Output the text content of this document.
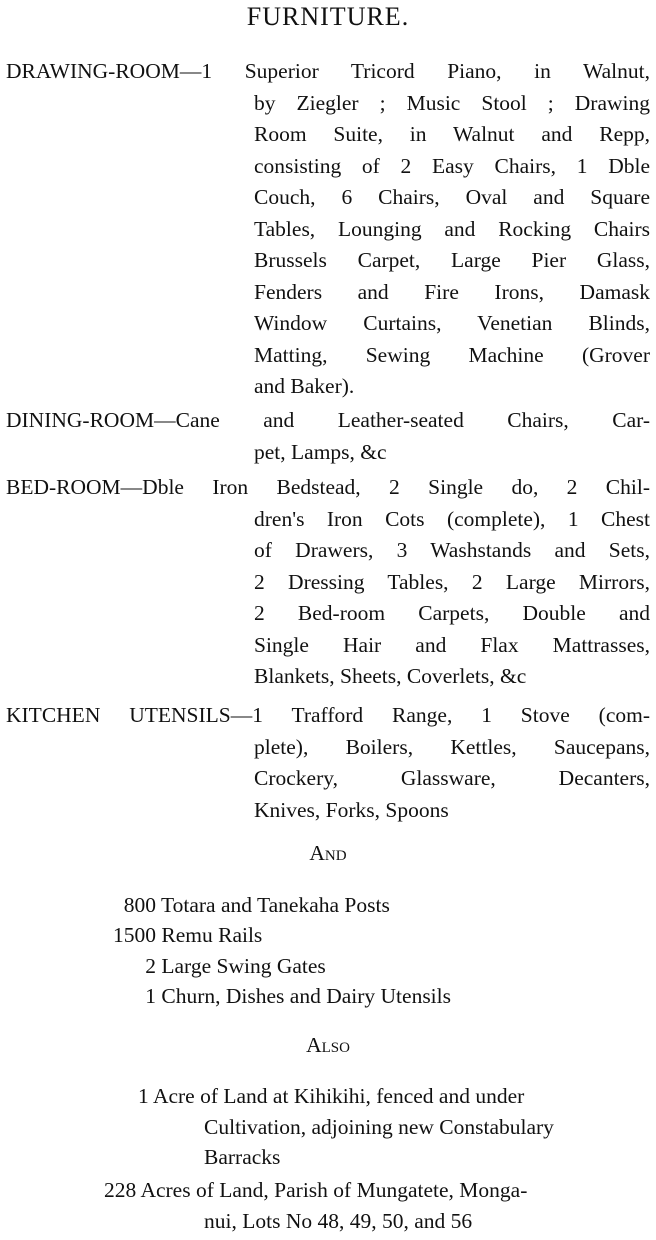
FURNITURE.
DRAWING-ROOM—1 Superior Tricord Piano, in Walnut,
by Ziegler ; Music Stool ; Drawing
Room Suite, in Walnut and Repp,
consisting of 2 Easy Chairs, 1 Dble
Couch, 6 Chairs, Oval and Square
Tables, Lounging and Rocking Chairs
Brussels Carpet, Large Pier Glass,
Fenders and Fire Irons, Damask
Window Curtains, Venetian Blinds,
Matting, Sewing Machine (Grover
and Baker).
DINING-ROOM—Cane and Leather-seated Chairs, Car-
pet, Lamps, &c
BED-ROOM—Dble Iron Bedstead, 2 Single do, 2 Chil-
dren's Iron Cots (complete), 1 Chest
of Drawers, 3 Washstands and Sets,
2 Dressing Tables, 2 Large Mirrors,
2 Bed-room Carpets, Double and
Single Hair and Flax Mattrasses,
Blankets, Sheets, Coverlets, &c
KITCHEN UTENSILS—1 Trafford Range, 1 Stove (com-
plete), Boilers, Kettles, Saucepans,
Crockery, Glassware, Decanters,
Knives, Forks, Spoons
And
800 Totara and Tanekaha Posts
1500 Remu Rails
2 Large Swing Gates
1 Churn, Dishes and Dairy Utensils
Also
1 Acre of Land at Kihikihi, fenced and under
Cultivation, adjoining new Constabulary
Barracks
228 Acres of Land, Parish of Mungatete, Monga-
nui, Lots No 48, 49, 50, and 56
